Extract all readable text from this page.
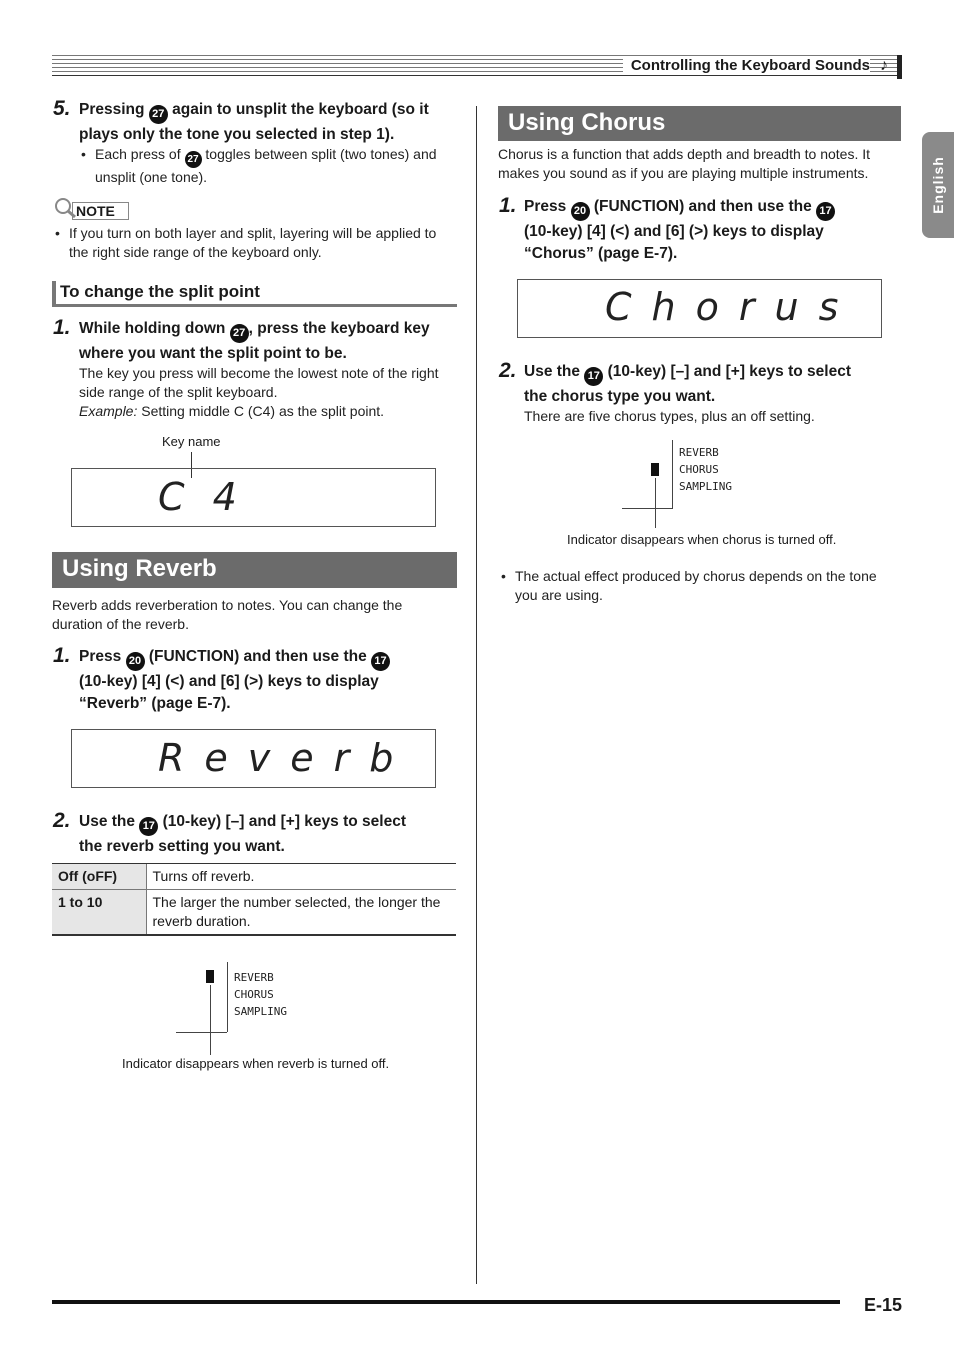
Controlling the Keyboard Sounds ♪
English
5. Pressing 27 again to unsplit the keyboard (so it
plays only the tone you selected in step 1).
• Each press of 27 toggles between split (two tones) and
unsplit (one tone).
NOTE
• If you turn on both layer and split, layering will be applied to
the right side range of the keyboard only.
To change the split point
1. While holding down 27 , press the keyboard key
where you want the split point to be.
The key you press will become the lowest note of the right
side range of the split keyboard.
Example: Setting middle C (C4) as the split point.
Key name
C 4
Using Reverb
Reverb adds reverberation to notes. You can change the
duration of the reverb.
1. Press 20 (FUNCTION) and then use the 17
(10-key) [4] (<) and [6] (>) keys to display
“Reverb” (page E-7).
Reverb
2. Use the 17 (10-key) [–] and [+] keys to select
the reverb setting you want.
Off (oFF)	Turns off reverb.
1 to 10	The larger the number selected, the longer the reverb duration.
REVERB
CHORUS
SAMPLING
Indicator disappears when reverb is turned off.
Using Chorus
Chorus is a function that adds depth and breadth to notes. It
makes you sound as if you are playing multiple instruments.
1. Press 20 (FUNCTION) and then use the 17
(10-key) [4] (<) and [6] (>) keys to display
“Chorus” (page E-7).
Chorus
2. Use the 17 (10-key) [–] and [+] keys to select
the chorus type you want.
There are five chorus types, plus an off setting.
REVERB
CHORUS
SAMPLING
Indicator disappears when chorus is turned off.
• The actual effect produced by chorus depends on the tone
you are using.
E-15
